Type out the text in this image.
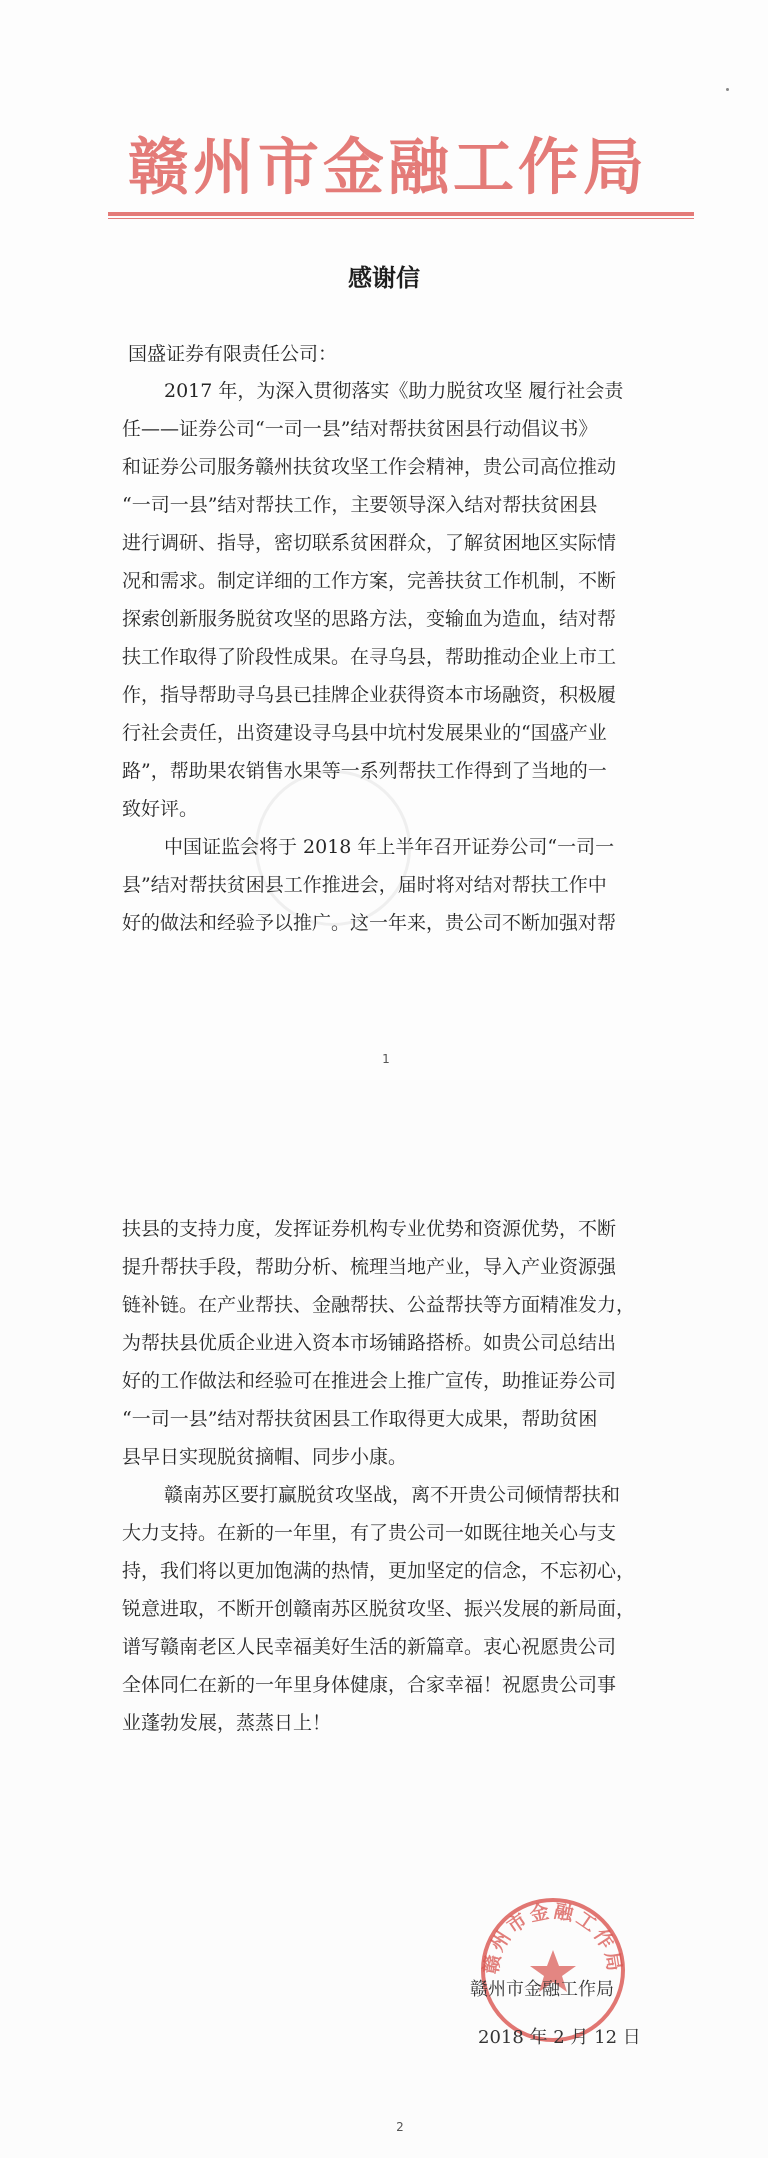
赣州市金融工作局
感谢信
国盛证券有限责任公司：
2017 年，为深入贯彻落实《助力脱贫攻坚 履行社会责
任——证券公司“一司一县”结对帮扶贫困县行动倡议书》
和证券公司服务赣州扶贫攻坚工作会精神，贵公司高位推动
“一司一县”结对帮扶工作，主要领导深入结对帮扶贫困县
进行调研、指导，密切联系贫困群众，了解贫困地区实际情
况和需求。制定详细的工作方案，完善扶贫工作机制，不断
探索创新服务脱贫攻坚的思路方法，变输血为造血，结对帮
扶工作取得了阶段性成果。在寻乌县，帮助推动企业上市工
作，指导帮助寻乌县已挂牌企业获得资本市场融资，积极履
行社会责任，出资建设寻乌县中坑村发展果业的“国盛产业
路”，帮助果农销售水果等一系列帮扶工作得到了当地的一
致好评。
中国证监会将于 2018 年上半年召开证券公司“一司一
县”结对帮扶贫困县工作推进会，届时将对结对帮扶工作中
好的做法和经验予以推广。这一年来，贵公司不断加强对帮
1
扶县的支持力度，发挥证券机构专业优势和资源优势，不断
提升帮扶手段，帮助分析、梳理当地产业，导入产业资源强
链补链。在产业帮扶、金融帮扶、公益帮扶等方面精准发力，
为帮扶县优质企业进入资本市场铺路搭桥。如贵公司总结出
好的工作做法和经验可在推进会上推广宣传，助推证券公司
“一司一县”结对帮扶贫困县工作取得更大成果，帮助贫困
县早日实现脱贫摘帽、同步小康。
赣南苏区要打赢脱贫攻坚战，离不开贵公司倾情帮扶和
大力支持。在新的一年里，有了贵公司一如既往地关心与支
持，我们将以更加饱满的热情，更加坚定的信念，不忘初心，
锐意进取，不断开创赣南苏区脱贫攻坚、振兴发展的新局面，
谱写赣南老区人民幸福美好生活的新篇章。衷心祝愿贵公司
全体同仁在新的一年里身体健康，合家幸福！祝愿贵公司事
业蓬勃发展，蒸蒸日上！
2
赣州市金融工作局
赣州市金融工作局
2018 年 2 月 12 日
